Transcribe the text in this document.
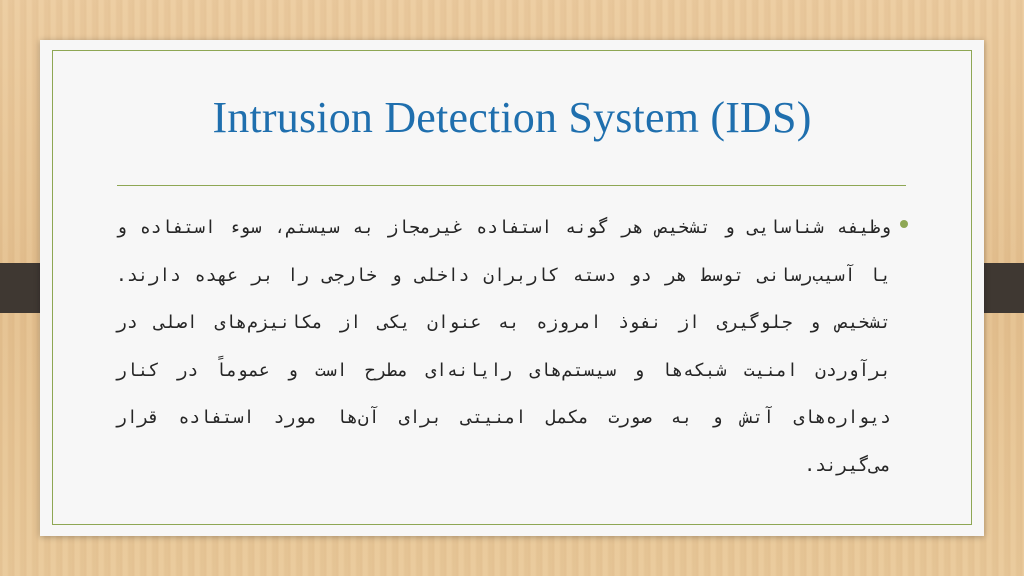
Intrusion Detection System (IDS)

وظیفه شناسایی و تشخیص هر گونه استفاده غیرمجاز به سیستم، سوء استفاده و یا آسیب‌رسانی توسط هر دو دسته کاربران داخلی و خارجی را بر عهده دارند. تشخیص و جلوگیری از نفوذ امروزه به عنوان یکی از مکانیزم‌های اصلی در برآوردن امنیت شبکه‌ها و سیستم‌های رایانه‌ای مطرح است و عموماً در کنار دیواره‌های آتش و به صورت مکمل امنیتی برای آن‌ها مورد استفاده قرار می‌گیرند.
